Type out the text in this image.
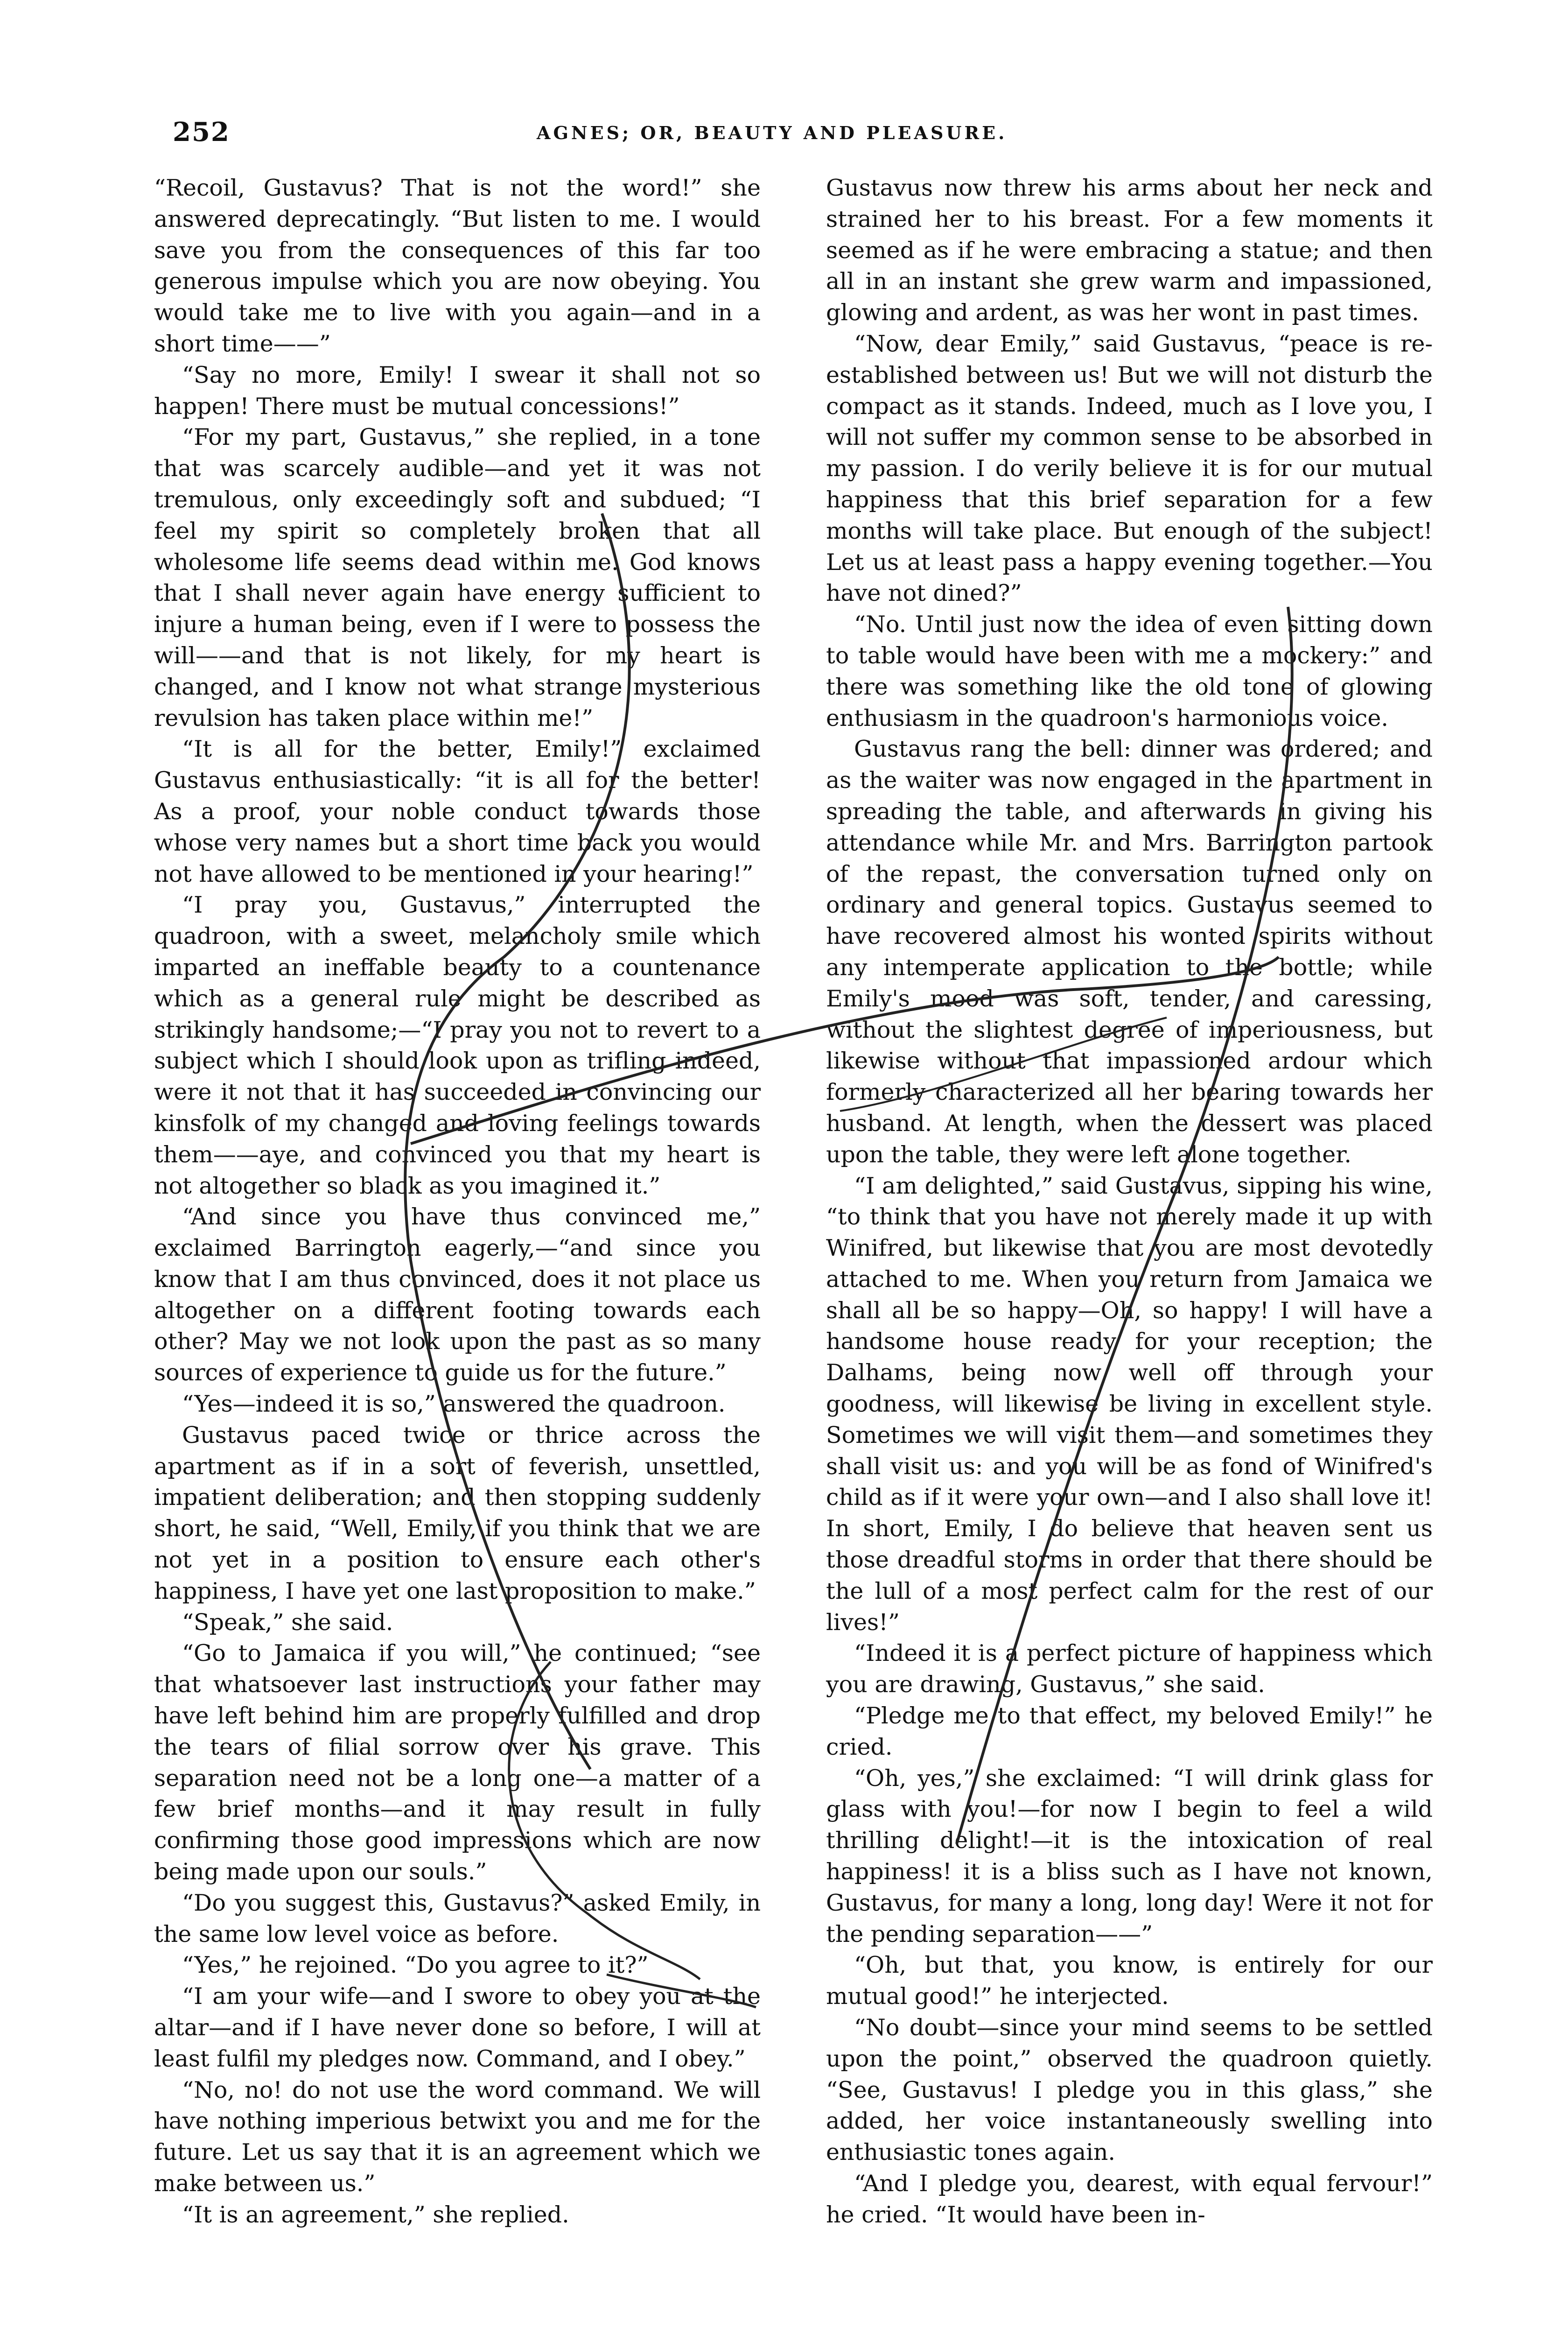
252	AGNES; OR, BEAUTY AND PLEASURE.

“Recoil, Gustavus? That is not the word!” she answered deprecatingly. “But listen to me. I would save you from the consequences of this far too generous impulse which you are now obeying. You would take me to live with you again—and in a short time——”

“Say no more, Emily! I swear it shall not so happen! There must be mutual concessions!”

“For my part, Gustavus,” she replied, in a tone that was scarcely audible—and yet it was not tremulous, only exceedingly soft and subdued; “I feel my spirit so completely broken that all wholesome life seems dead within me. God knows that I shall never again have energy sufficient to injure a human being, even if I were to possess the will——and that is not likely, for my heart is changed, and I know not what strange mysterious revulsion has taken place within me!”

“It is all for the better, Emily!” exclaimed Gustavus enthusiastically: “it is all for the better! As a proof, your noble conduct towards those whose very names but a short time back you would not have allowed to be mentioned in your hearing!”

“I pray you, Gustavus,” interrupted the quadroon, with a sweet, melancholy smile which imparted an ineffable beauty to a countenance which as a general rule might be described as strikingly handsome;—“I pray you not to revert to a subject which I should look upon as trifling indeed, were it not that it has succeeded in convincing our kinsfolk of my changed and loving feelings towards them——aye, and convinced you that my heart is not altogether so black as you imagined it.”

“And since you have thus convinced me,” exclaimed Barrington eagerly,—“and since you know that I am thus convinced, does it not place us altogether on a different footing towards each other? May we not look upon the past as so many sources of experience to guide us for the future.”

“Yes—indeed it is so,” answered the quadroon.

Gustavus paced twice or thrice across the apartment as if in a sort of feverish, unsettled, impatient deliberation; and then stopping suddenly short, he said, “Well, Emily, if you think that we are not yet in a position to ensure each other's happiness, I have yet one last proposition to make.”

“Speak,” she said.

“Go to Jamaica if you will,” he continued; “see that whatsoever last instructions your father may have left behind him are properly fulfilled and drop the tears of filial sorrow over his grave. This separation need not be a long one—a matter of a few brief months—and it may result in fully confirming those good impressions which are now being made upon our souls.”

“Do you suggest this, Gustavus?” asked Emily, in the same low level voice as before.

“Yes,” he rejoined. “Do you agree to it?”

“I am your wife—and I swore to obey you at the altar—and if I have never done so before, I will at least fulfil my pledges now. Command, and I obey.”

“No, no! do not use the word command. We will have nothing imperious betwixt you and me for the future. Let us say that it is an agreement which we make between us.”

“It is an agreement,” she replied.

Gustavus now threw his arms about her neck and strained her to his breast. For a few moments it seemed as if he were embracing a statue; and then all in an instant she grew warm and impassioned, glowing and ardent, as was her wont in past times.

“Now, dear Emily,” said Gustavus, “peace is re-established between us! But we will not disturb the compact as it stands. Indeed, much as I love you, I will not suffer my common sense to be absorbed in my passion. I do verily believe it is for our mutual happiness that this brief separation for a few months will take place. But enough of the subject! Let us at least pass a happy evening together.—You have not dined?”

“No. Until just now the idea of even sitting down to table would have been with me a mockery:” and there was something like the old tone of glowing enthusiasm in the quadroon's harmonious voice.

Gustavus rang the bell: dinner was ordered; and as the waiter was now engaged in the apartment in spreading the table, and afterwards in giving his attendance while Mr. and Mrs. Barrington partook of the repast, the conversation turned only on ordinary and general topics. Gustavus seemed to have recovered almost his wonted spirits without any intemperate application to the bottle; while Emily's mood was soft, tender, and caressing, without the slightest degree of imperiousness, but likewise without that impassioned ardour which formerly characterized all her bearing towards her husband. At length, when the dessert was placed upon the table, they were left alone together.

“I am delighted,” said Gustavus, sipping his wine, “to think that you have not merely made it up with Winifred, but likewise that you are most devotedly attached to me. When you return from Jamaica we shall all be so happy—Oh, so happy! I will have a handsome house ready for your reception; the Dalhams, being now well off through your goodness, will likewise be living in excellent style. Sometimes we will visit them—and sometimes they shall visit us: and you will be as fond of Winifred's child as if it were your own—and I also shall love it! In short, Emily, I do believe that heaven sent us those dreadful storms in order that there should be the lull of a most perfect calm for the rest of our lives!”

“Indeed it is a perfect picture of happiness which you are drawing, Gustavus,” she said.

“Pledge me to that effect, my beloved Emily!” he cried.

“Oh, yes,” she exclaimed: “I will drink glass for glass with you!—for now I begin to feel a wild thrilling delight!—it is the intoxication of real happiness! it is a bliss such as I have not known, Gustavus, for many a long, long day! Were it not for the pending separation——”

“Oh, but that, you know, is entirely for our mutual good!” he interjected.

“No doubt—since your mind seems to be settled upon the point,” observed the quadroon quietly. “See, Gustavus! I pledge you in this glass,” she added, her voice instantaneously swelling into enthusiastic tones again.

“And I pledge you, dearest, with equal fervour!” he cried. “It would have been in-
